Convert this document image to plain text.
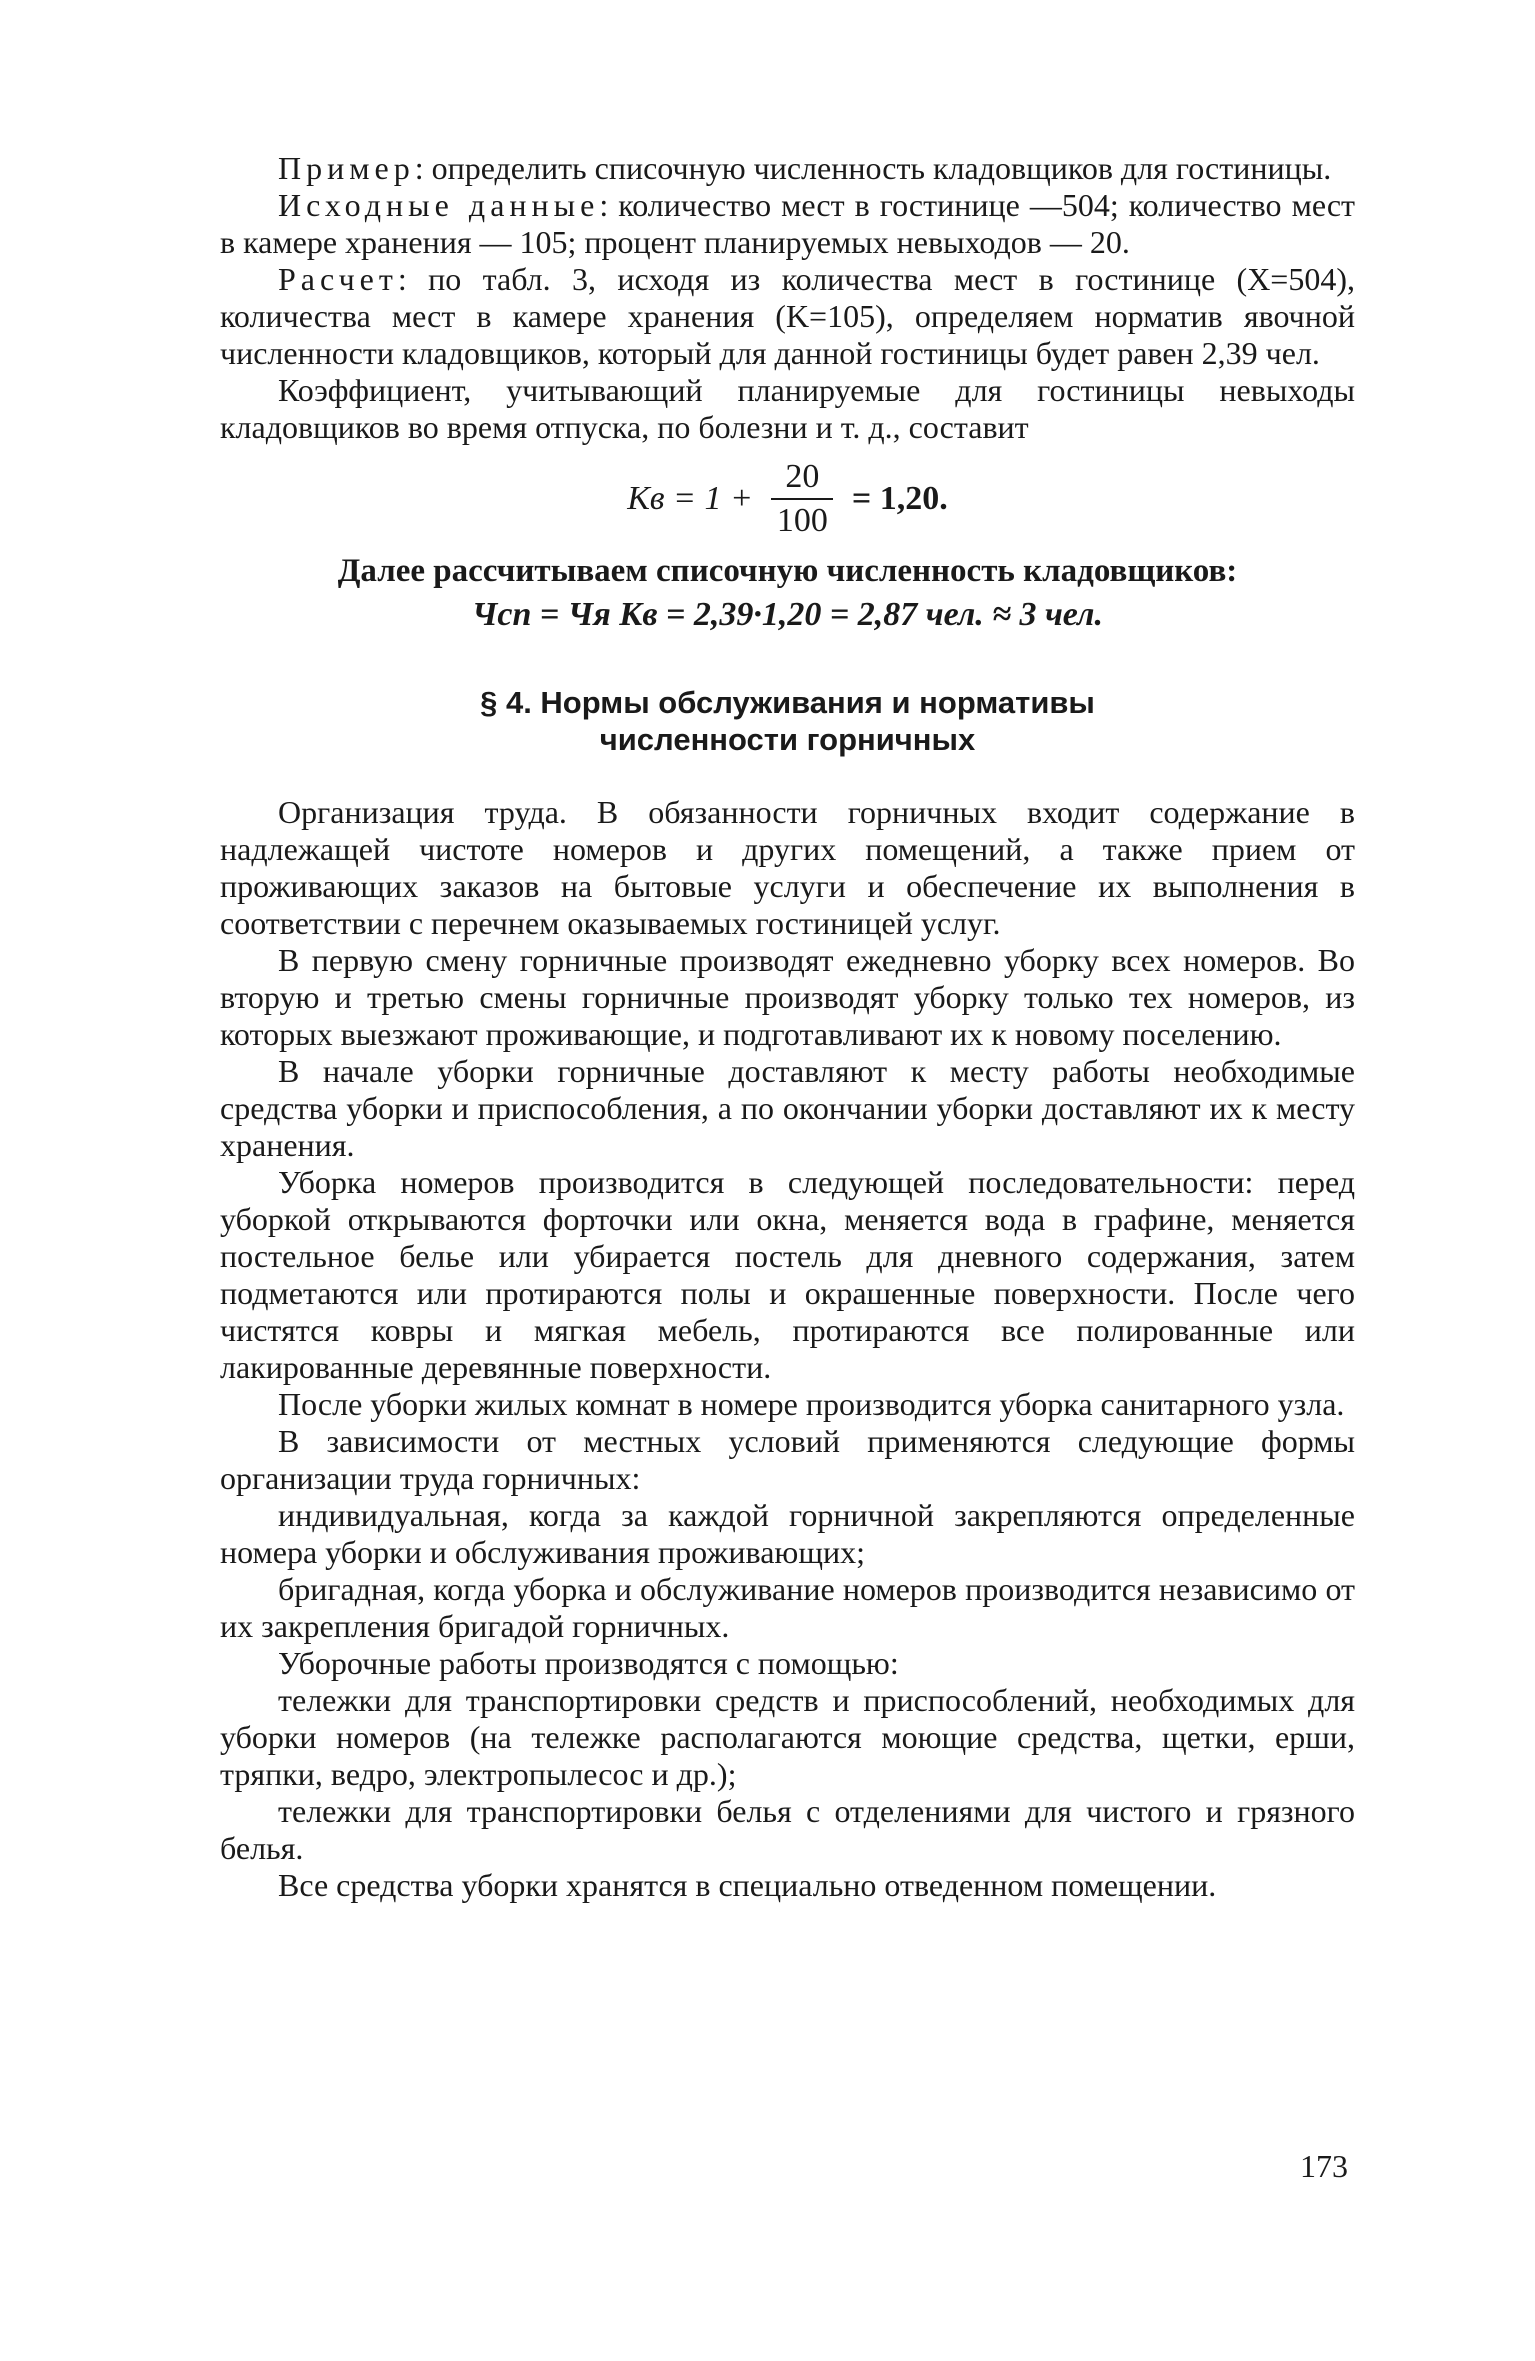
Пример: определить списочную численность кладовщиков для гостиницы.

Исходные данные: количество мест в гостинице —504; количество мест в камере хранения — 105; процент планируемых невыходов — 20.

Расчет: по табл. 3, исходя из количества мест в гостинице (X=504), количества мест в камере хранения (K=105), определяем норматив явочной численности кладовщиков, который для данной гостиницы будет равен 2,39 чел.

Коэффициент, учитывающий планируемые для гостиницы невыходы кладовщиков во время отпуска, по болезни и т. д., составит

Кв = $1 + \frac{20}{100} = 1,20$.

Далее рассчитываем списочную численность кладовщиков:

Чсп = Чя Кв = 2,39·1,20 = 2,87 чел. ≈ 3 чел.
§ 4. Нормы обслуживания и нормативы
численности горничных

Организация труда. В обязанности горничных входит содержание в надлежащей чистоте номеров и других помещений, а также прием от проживающих заказов на бытовые услуги и обеспечение их выполнения в соответствии с перечнем оказываемых гостиницей услуг.

В первую смену горничные производят ежедневно уборку всех номеров. Во вторую и третью смены горничные производят уборку только тех номеров, из которых выезжают проживающие, и подготавливают их к новому поселению.

В начале уборки горничные доставляют к месту работы необходимые средства уборки и приспособления, а по окончании уборки доставляют их к месту хранения.

Уборка номеров производится в следующей последовательности: перед уборкой открываются форточки или окна, меняется вода в графине, меняется постельное белье или убирается постель для дневного содержания, затем подметаются или протираются полы и окрашенные поверхности. После чего чистятся ковры и мягкая мебель, протираются все полированные или лакированные деревянные поверхности.

После уборки жилых комнат в номере производится уборка санитарного узла.

В зависимости от местных условий применяются следующие формы организации труда горничных:

индивидуальная, когда за каждой горничной закрепляются определенные номера уборки и обслуживания проживающих;

бригадная, когда уборка и обслуживание номеров производится независимо от их закрепления бригадой горничных.

Уборочные работы производятся с помощью:

тележки для транспортировки средств и приспособлений, необходимых для уборки номеров (на тележке располагаются моющие средства, щетки, ерши, тряпки, ведро, электропылесос и др.);

тележки для транспортировки белья с отделениями для чистого и грязного белья.

Все средства уборки хранятся в специально отведенном помещении.

173
